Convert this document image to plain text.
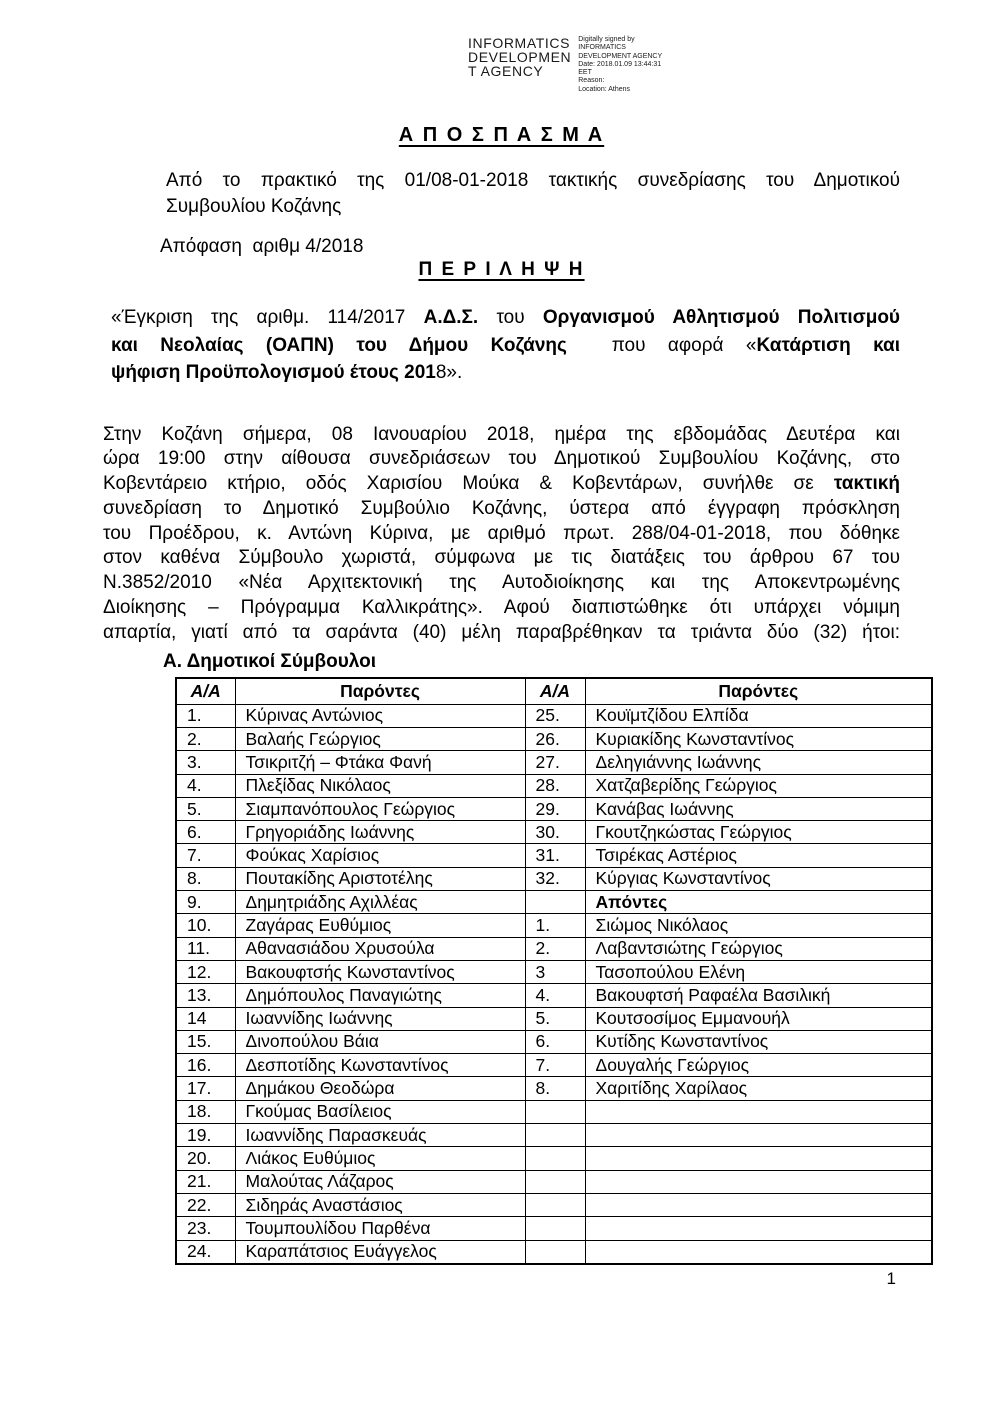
INFORMATICS
DEVELOPMEN
T AGENCY
Digitally signed by
INFORMATICS
DEVELOPMENT AGENCY
Date: 2018.01.09 13:44:31
EET
Reason:
Location: Athens
Α Π Ο Σ Π Α Σ Μ Α
Από το πρακτικό της 01/08-01-2018 τακτικής συνεδρίασης του Δημοτικού
Συμβουλίου Κοζάνης
Απόφαση  αριθμ 4/2018
Π Ε Ρ Ι Λ Η Ψ Η
«Έγκριση της αριθμ. 114/2017 Α.Δ.Σ. του Οργανισμού Αθλητισμού Πολιτισμού
και Νεολαίας (ΟΑΠΝ) του Δήμου Κοζάνης  που αφορά «Κατάρτιση και
ψήφιση Προϋπολογισμού έτους 2018».
Στην Κοζάνη σήμερα, 08 Ιανουαρίου 2018, ημέρα της εβδομάδας Δευτέρα και
ώρα 19:00 στην αίθουσα συνεδριάσεων του Δημοτικού Συμβουλίου Κοζάνης, στο
Κοβεντάρειο κτήριο, οδός Χαρισίου Μούκα & Κοβεντάρων, συνήλθε σε τακτική
συνεδρίαση το Δημοτικό Συμβούλιο Κοζάνης, ύστερα από έγγραφη πρόσκληση
του Προέδρου, κ. Αντώνη Κύρινα, με αριθμό πρωτ. 288/04-01-2018, που δόθηκε
στον καθένα Σύμβουλο χωριστά, σύμφωνα με τις διατάξεις του άρθρου 67 του
Ν.3852/2010 «Νέα Αρχιτεκτονική της Αυτοδιοίκησης και της Αποκεντρωμένης
Διοίκησης – Πρόγραμμα Καλλικράτης». Αφού διαπιστώθηκε ότι υπάρχει νόμιμη
απαρτία, γιατί από τα σαράντα (40) μέλη παραβρέθηκαν τα τριάντα δύο (32) ήτοι:
Α. Δημοτικοί Σύμβουλοι
Α/Α	Παρόντες	Α/Α	Παρόντες
1.	Κύρινας Αντώνιος	25.	Κουϊμτζίδου Ελπίδα
2.	Βαλαής Γεώργιος	26.	Κυριακίδης Κωνσταντίνος
3.	Τσικριτζή – Φτάκα Φανή	27.	Δεληγιάννης Ιωάννης
4.	Πλεξίδας Νικόλαος	28.	Χατζαβερίδης Γεώργιος
5.	Σιαμπανόπουλος Γεώργιος	29.	Κανάβας Ιωάννης
6.	Γρηγοριάδης Ιωάννης	30.	Γκουτζηκώστας Γεώργιος
7.	Φούκας Χαρίσιος	31.	Τσιρέκας Αστέριος
8.	Πουτακίδης Αριστοτέλης	32.	Κύργιας Κωνσταντίνος
9.	Δημητριάδης Αχιλλέας		Απόντες
10.	Ζαγάρας Ευθύμιος	1.	Σιώμος Νικόλαος
11.	Αθανασιάδου Χρυσούλα	2.	Λαβαντσιώτης Γεώργιος
12.	Βακουφτσής Κωνσταντίνος	3	Τασοπούλου Ελένη
13.	Δημόπουλος Παναγιώτης	4.	Βακουφτσή Ραφαέλα Βασιλική
14	Ιωαννίδης Ιωάννης	5.	Κουτσοσίμος Εμμανουήλ
15.	Δινοπούλου Βάια	6.	Κυτίδης Κωνσταντίνος
16.	Δεσποτίδης Κωνσταντίνος	7.	Δουγαλής Γεώργιος
17.	Δημάκου Θεοδώρα	8.	Χαριτίδης Χαρίλαος
18.	Γκούμας Βασίλειος		
19.	Ιωαννίδης Παρασκευάς		
20.	Λιάκος Ευθύμιος		
21.	Μαλούτας Λάζαρος		
22.	Σιδηράς Αναστάσιος		
23.	Τουμπουλίδου Παρθένα		
24.	Καραπάτσιος Ευάγγελος		
1
